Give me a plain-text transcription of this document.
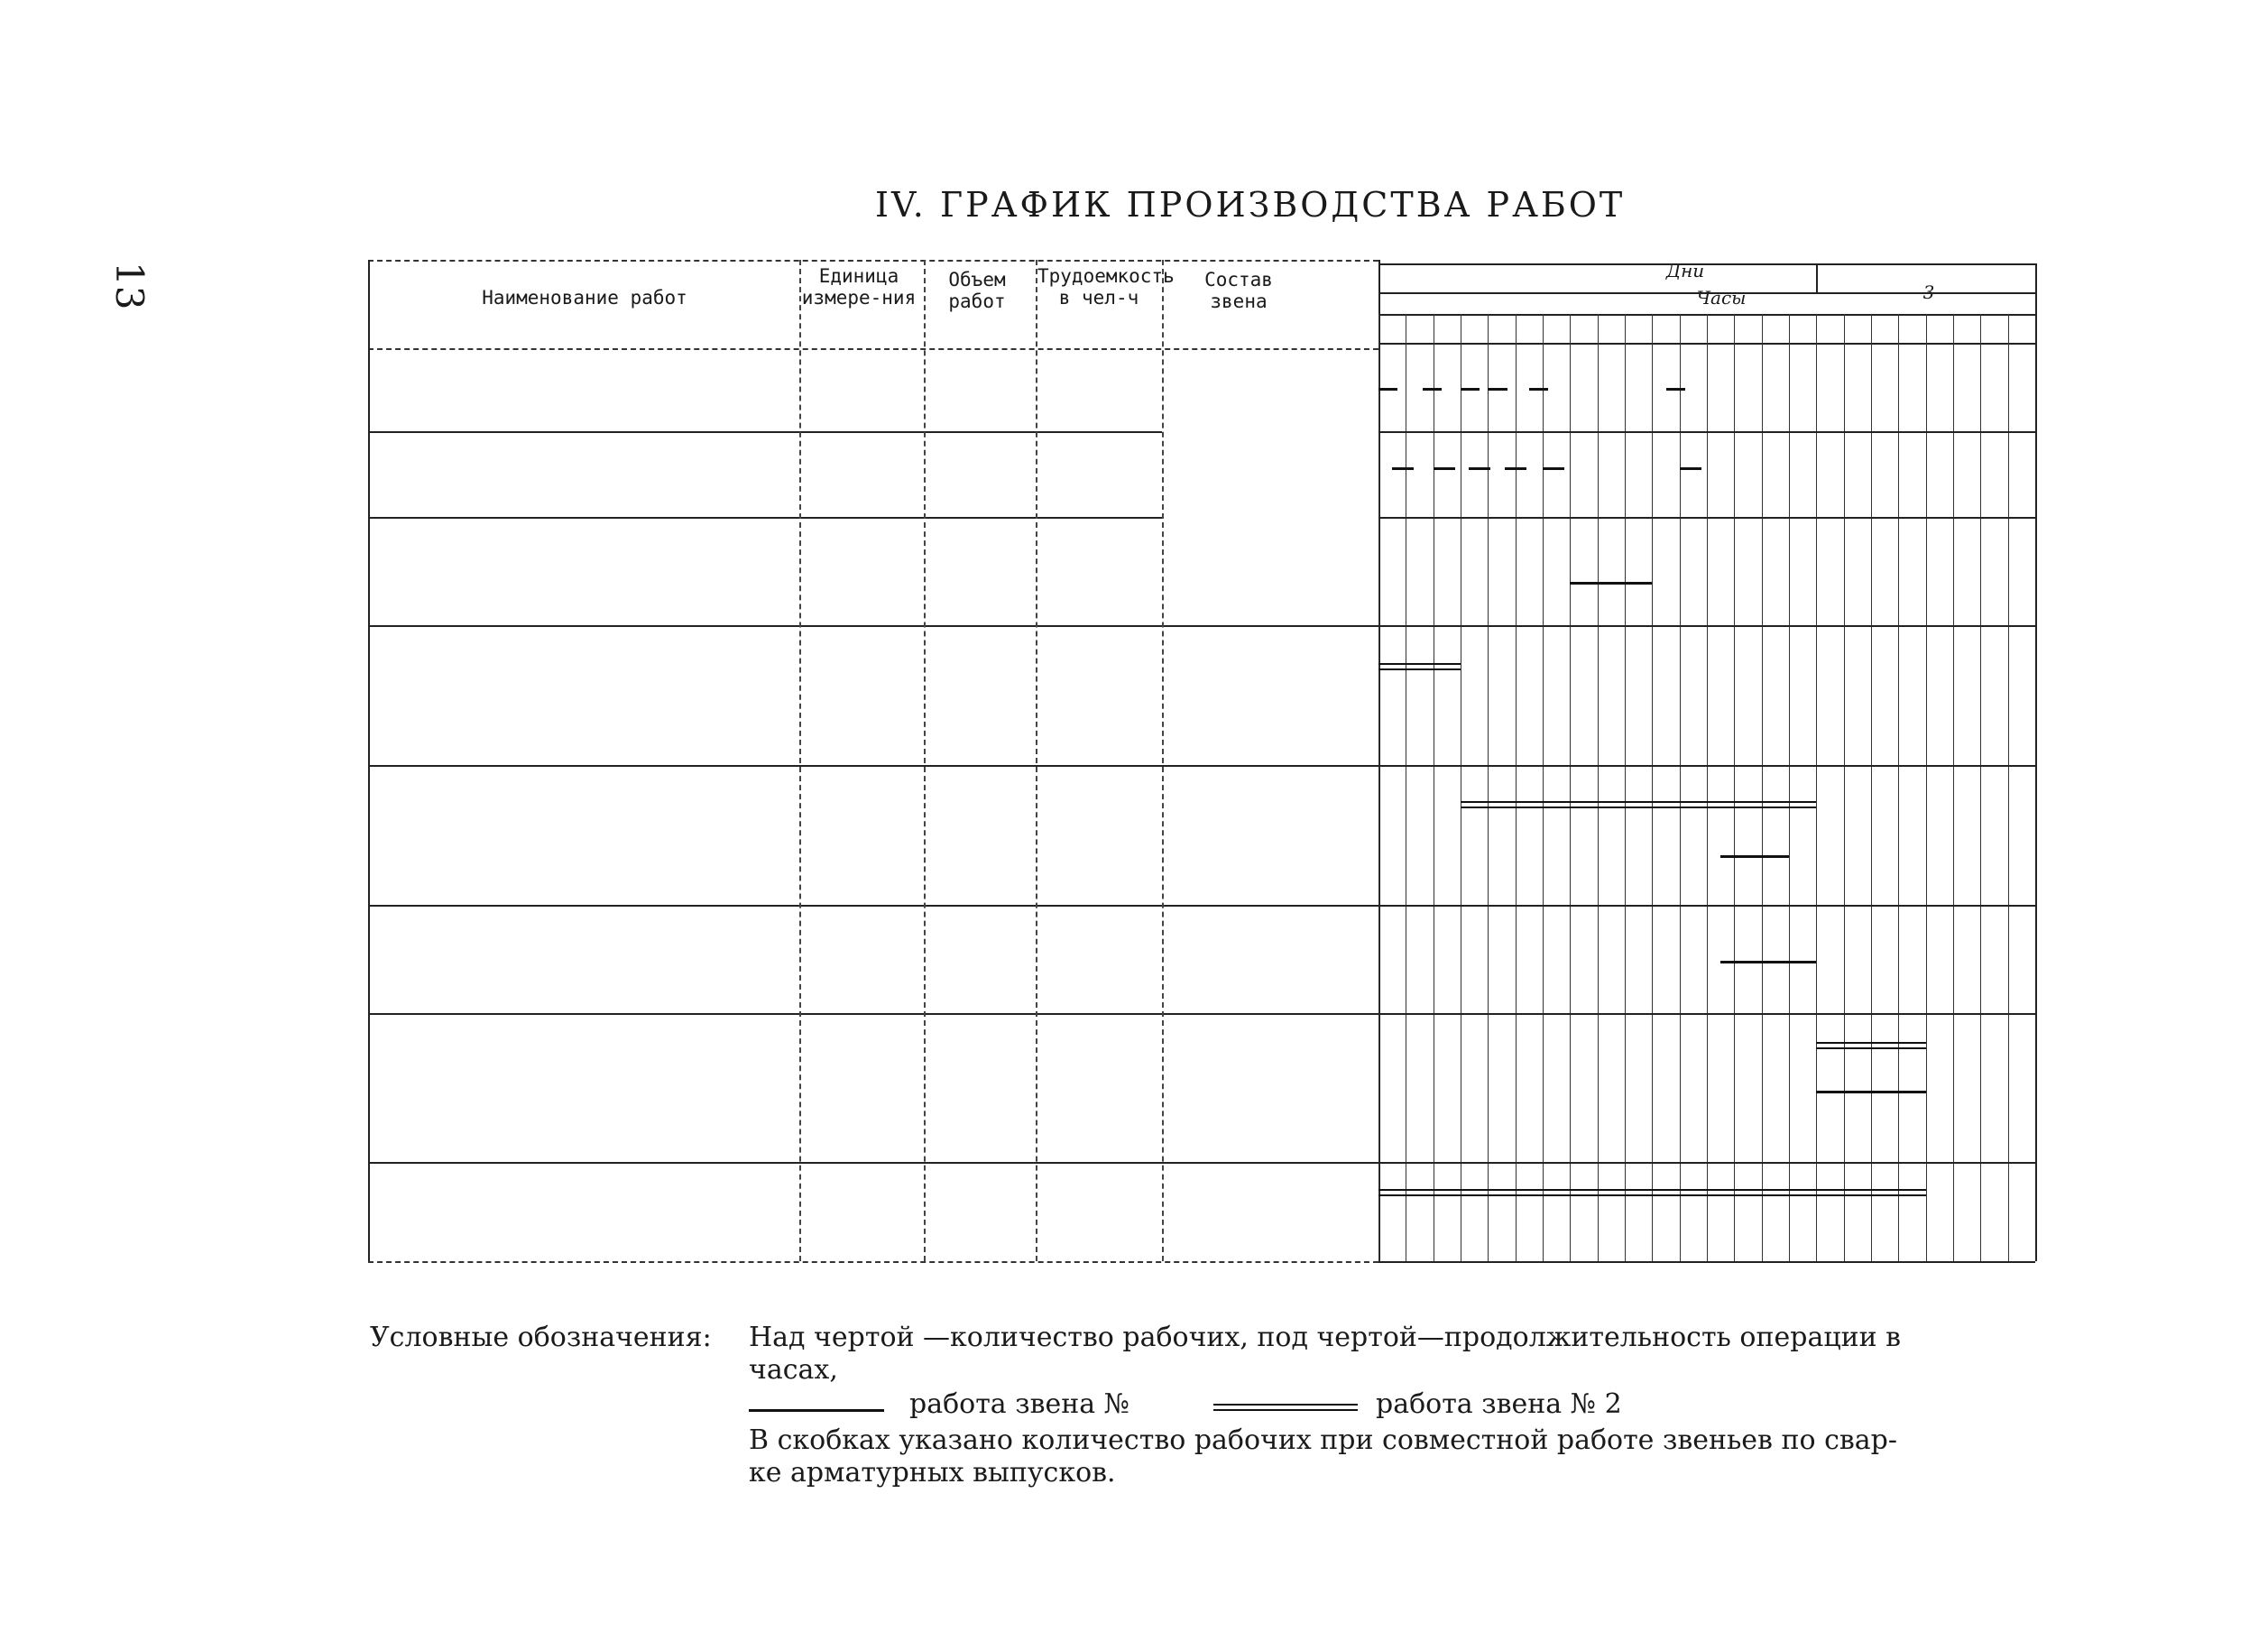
13
IV. ГРАФИК ПРОИЗВОДСТВА РАБОТ
Наименование работ
Единица измере-ния
Объем работ
Трудоемкость в чел-ч
Состав звена
Дни
Часы	3
Условные обозначения: Над чертой —количество рабочих, под чертой—продолжительность операции в
часах,
работа звена №	работа звена № 2
В скобках указано количество рабочих при совместной работе звеньев по свар-
ке арматурных выпусков.
